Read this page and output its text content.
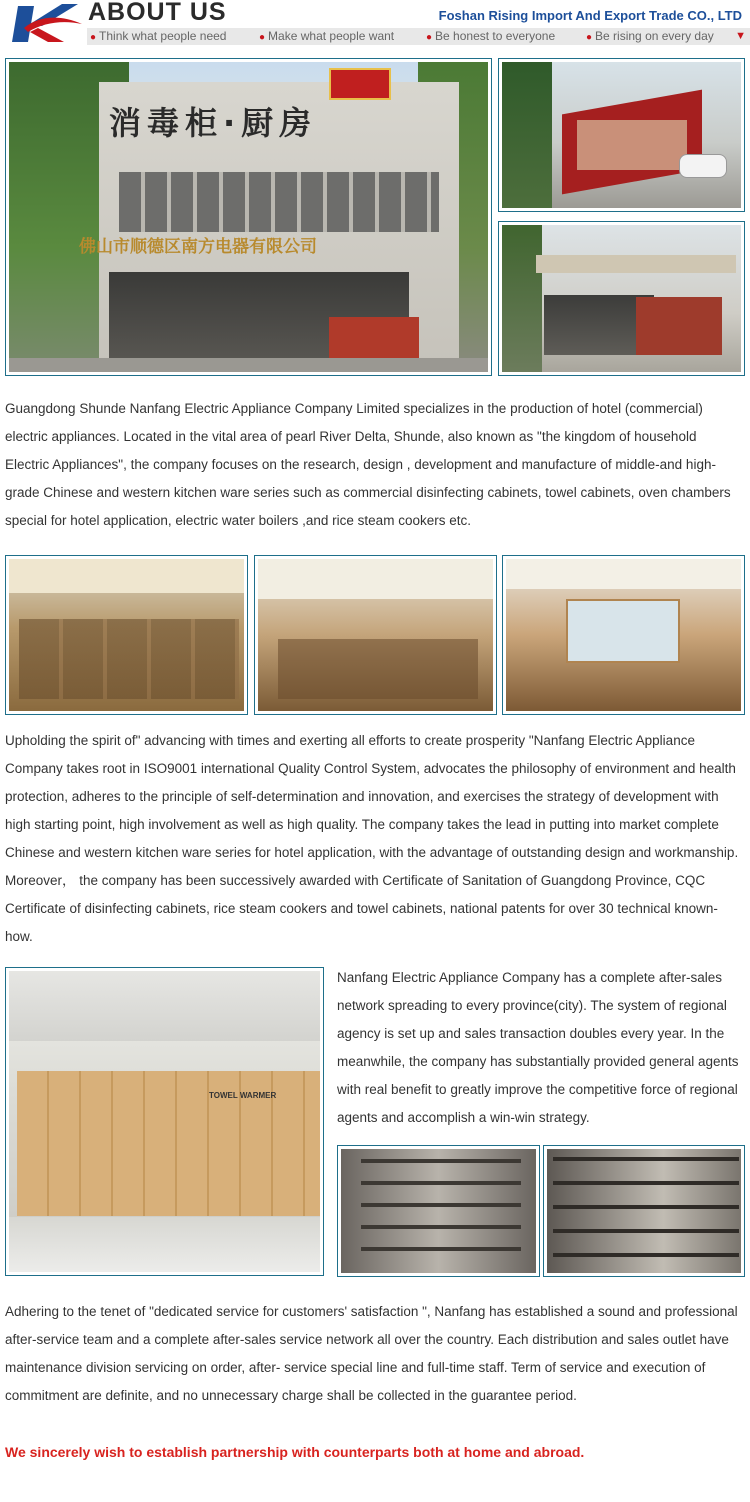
ABOUT US	Foshan Rising Import And Export Trade CO., LTD
● Think what people need	● Make what people want	● Be honest to everyone	● Be rising on every day ▼
消毒柜·厨房
佛山市顺德区南方电器有限公司

Guangdong Shunde Nanfang Electric Appliance Company Limited specializes in the production of hotel (commercial) electric appliances. Located in the vital area of pearl River Delta, Shunde, also known as "the kingdom of household Electric Appliances", the company focuses on the research, design , development and manufacture of middle-and high-grade Chinese and western kitchen ware series such as commercial disinfecting cabinets, towel cabinets, oven chambers special for hotel application, electric water boilers ,and rice steam cookers etc.

Upholding the spirit of" advancing with times and exerting all efforts to create prosperity "Nanfang Electric Appliance Company takes root in ISO9001 international Quality Control System, advocates the philosophy of environment and health protection, adheres to the principle of self-determination and innovation, and exercises the strategy of development with high starting point, high involvement as well as high quality. The company takes the lead in putting into market complete Chinese and western kitchen ware series for hotel application, with the advantage of outstanding design and workmanship. Moreover， the company has been successively awarded with Certificate of Sanitation of Guangdong Province, CQC Certificate of disinfecting cabinets, rice steam cookers and towel cabinets, national patents for over 30 technical known-how.

TOWEL WARMER

Nanfang Electric Appliance Company has a complete after-sales network spreading to every province(city). The system of regional agency is set up and sales transaction doubles every year. In the meanwhile, the company has substantially provided general agents with real benefit to greatly improve the competitive force of regional agents and accomplish a win-win strategy.

Adhering to the tenet of "dedicated service for customers' satisfaction ", Nanfang has established a sound and professional after-service team and a complete after-sales service network all over the country. Each distribution and sales outlet have maintenance division servicing on order, after- service special line and full-time staff. Term of service and execution of commitment are definite, and no unnecessary charge shall be collected in the guarantee period.

We sincerely wish to establish partnership with counterparts both at home and abroad.
